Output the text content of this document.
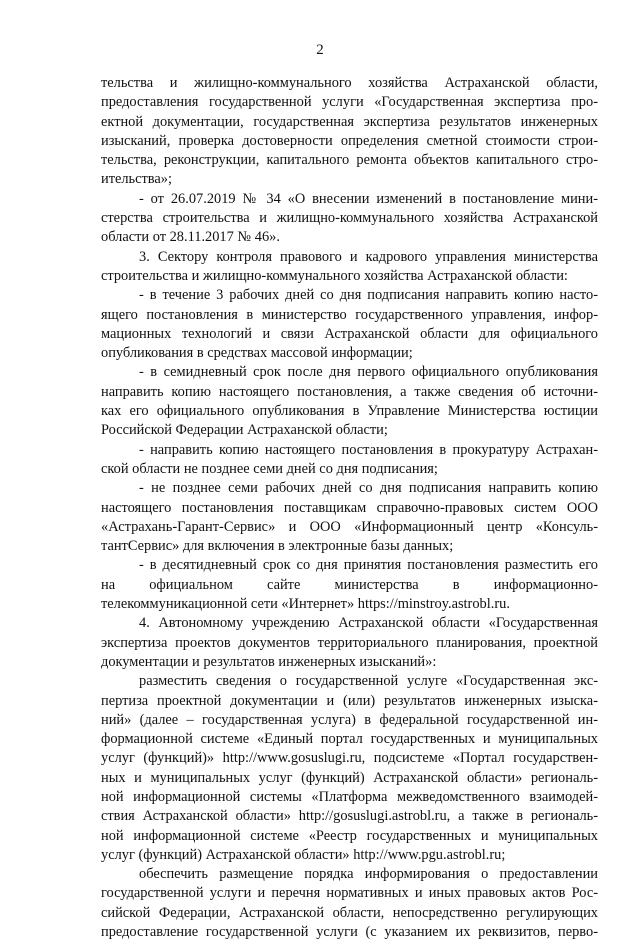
2
тельства и жилищно-коммунального хозяйства Астраханской области,
предоставления государственной услуги «Государственная экспертиза про-
ектной документации, государственная экспертиза результатов инженерных
изысканий, проверка достоверности определения сметной стоимости строи-
тельства, реконструкции, капитального ремонта объектов капитального стро-
ительства»;
- от 26.07.2019 № 34 «О внесении изменений в постановление мини-
стерства строительства и жилищно-коммунального хозяйства Астраханской
области от 28.11.2017 № 46».
3. Сектору контроля правового и кадрового управления министерства
строительства и жилищно-коммунального хозяйства Астраханской области:
- в течение 3 рабочих дней со дня подписания направить копию насто-
ящего постановления в министерство государственного управления, инфор-
мационных технологий и связи Астраханской области для официального
опубликования в средствах массовой информации;
- в семидневный срок после дня первого официального опубликования
направить копию настоящего постановления, а также сведения об источни-
ках его официального опубликования в Управление Министерства юстиции
Российской Федерации Астраханской области;
- направить копию настоящего постановления в прокуратуру Астрахан-
ской области не позднее семи дней со дня подписания;
- не позднее семи рабочих дней со дня подписания направить копию
настоящего постановления поставщикам справочно-правовых систем ООО
«Астрахань-Гарант-Сервис» и ООО «Информационный центр «Консуль-
тантСервис» для включения в электронные базы данных;
- в десятидневный срок со дня принятия постановления разместить его
на официальном сайте министерства в информационно-
телекоммуникационной сети «Интернет» https://minstroy.astrobl.ru.
4. Автономному учреждению Астраханской области «Государственная
экспертиза проектов документов территориального планирования, проектной
документации и результатов инженерных изысканий»:
разместить сведения о государственной услуге «Государственная экс-
пертиза проектной документации и (или) результатов инженерных изыска-
ний» (далее – государственная услуга) в федеральной государственной ин-
формационной системе «Единый портал государственных и муниципальных
услуг (функций)» http://www.gosuslugi.ru, подсистеме «Портал государствен-
ных и муниципальных услуг (функций) Астраханской области» региональ-
ной информационной системы «Платформа межведомственного взаимодей-
ствия Астраханской области» http://gosuslugi.astrobl.ru, а также в региональ-
ной информационной системе «Реестр государственных и муниципальных
услуг (функций) Астраханской области» http://www.pgu.astrobl.ru;
обеспечить размещение порядка информирования о предоставлении
государственной услуги и перечня нормативных и иных правовых актов Рос-
сийской Федерации, Астраханской области, непосредственно регулирующих
предоставление государственной услуги (с указанием их реквизитов, перво-
